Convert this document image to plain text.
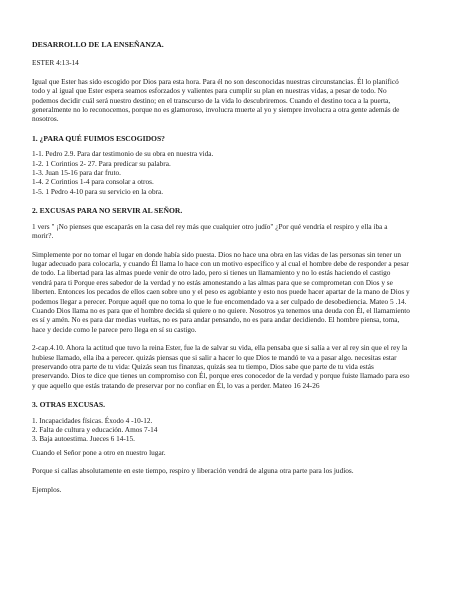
DESARROLLO DE LA ENSEÑANZA.

ESTER 4:13-14

Igual que Ester has sido escogido por Dios para esta hora. Para él no son desconocidas nuestras circunstancias. Él lo planificó todo y al igual que Ester espera seamos esforzados y valientes para cumplir su plan en nuestras vidas, a pesar de todo. No podemos decidir cuál será nuestro destino; en el transcurso de la vida lo descubriremos. Cuando el destino toca a la puerta, generalmente no lo reconocemos, porque no es glamoroso, involucra muerte al yo y siempre involucra a otra gente además de nosotros.

1. ¿PARA QUÉ FUIMOS ESCOGIDOS?

1-1. Pedro 2.9. Para dar testimonio de su obra en nuestra vida.

1-2. 1 Corintios 2- 27. Para predicar su palabra.

1-3. Juan 15-16 para dar fruto.

1-4. 2 Corintios 1-4 para consolar a otros.

1-5. 1 Pedro 4-10 para su servicio en la obra.

2. EXCUSAS PARA NO SERVIR AL SEÑOR.

1 vers " ¡No pienses que escaparás en la casa del rey más que cualquier otro judío" ¿Por qué vendría el respiro y ella iba a morir?.

Simplemente por no tomar el lugar en donde había sido puesta. Dios no hace una obra en las vidas de las personas sin tener un lugar adecuado para colocarla, y cuando Él llama lo hace con un motivo específico y al cual el hombre debe de responder a pesar de todo. La libertad para las almas puede venir de otro lado, pero si tienes un llamamiento y no lo estás haciendo el castigo vendrá para ti Porque eres sabedor de la verdad y no estás amonestando a las almas para que se comprometan con Dios y se liberten. Entonces los pecados de ellos caen sobre uno y el peso es agobiante y esto nos puede hacer apartar de la mano de Dios y podemos llegar a perecer. Porque aquél que no toma lo que le fue encomendado va a ser culpado de desobediencia. Mateo 5 .14. Cuando Dios llama no es para que el hombre decida si quiere o no quiere. Nosotros ya tenemos una deuda con Él, el llamamiento es sí y amén. No es para dar medias vueltas, no es para andar pensando, no es para andar decidiendo. El hombre piensa, toma, hace y decide como le parece pero llega en sí su castigo.

2-cap.4.10. Ahora la actitud que tuvo la reina Ester, fue la de salvar su vida, ella pensaba que si salía a ver al rey sin que el rey la hubiese llamado, ella iba a perecer. quizás piensas que si salir a hacer lo que Dios te mandó te va a pasar algo. necesitas estar preservando otra parte de tu vida: Quizás sean tus finanzas, quizás sea tu tiempo, Dios sabe que parte de tu vida estás preservando. Dios te dice que tienes un compromiso con Él, porque eres conocedor de la verdad y porque fuiste llamado para eso y que aquello que estás tratando de preservar por no confiar en Él, lo vas a perder. Mateo 16 24-26

3. OTRAS EXCUSAS.

1. Incapacidades físicas. Éxodo 4 -10-12.

2. Falta de cultura y educación. Amos 7-14

3. Baja autoestima. Jueces 6 14-15.

Cuando el Señor pone a otro en nuestro lugar.

Porque si callas absolutamente en este tiempo, respiro y liberación vendrá de alguna otra parte para los judíos.

Ejemplos.
